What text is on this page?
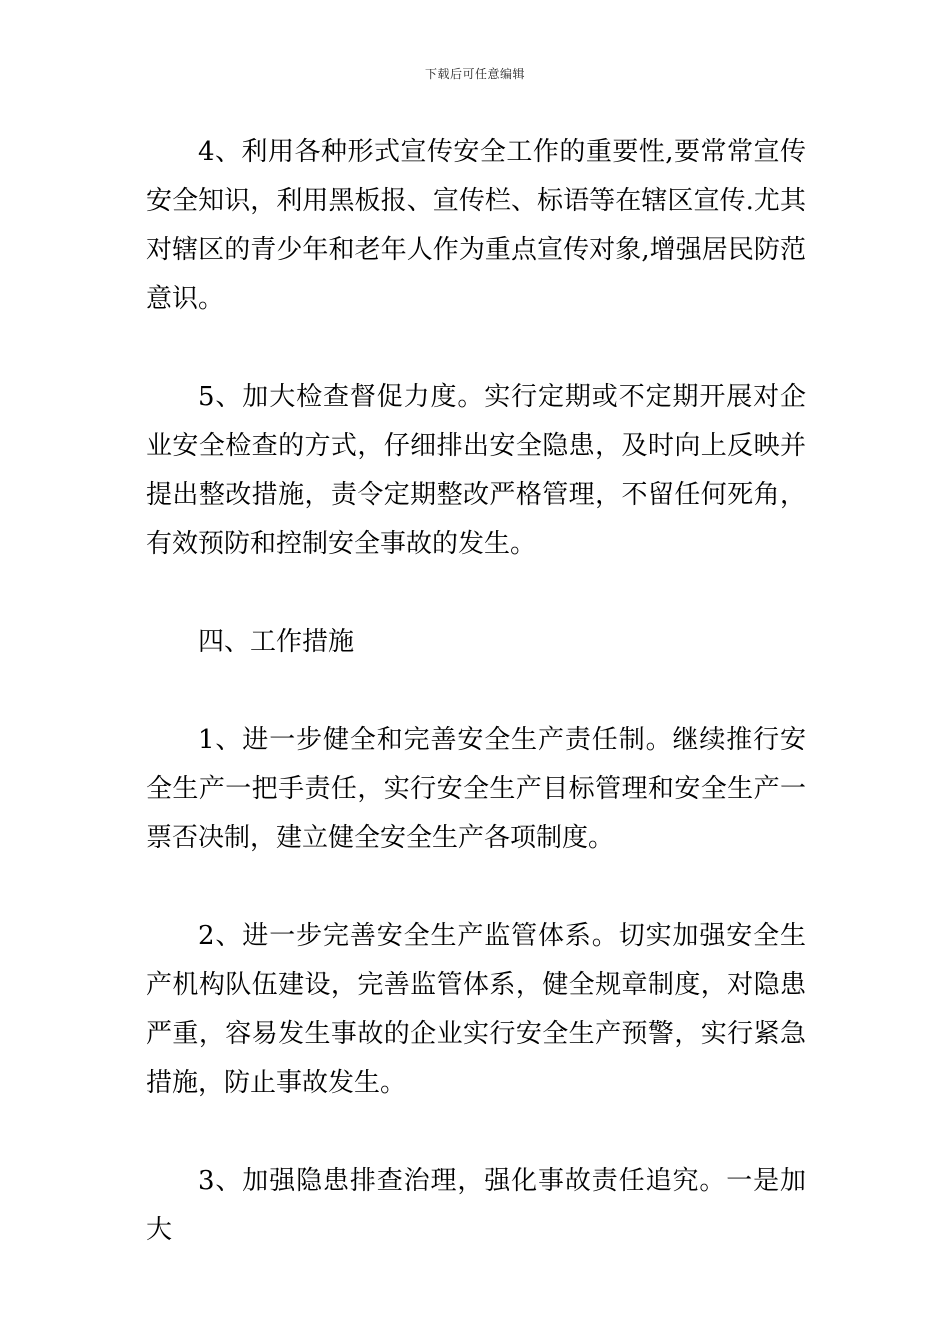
下载后可任意编辑

4、利用各种形式宣传安全工作的重要性,要常常宣传安全知识，利用黑板报、宣传栏、标语等在辖区宣传.尤其对辖区的青少年和老年人作为重点宣传对象,增强居民防范意识。

5、加大检查督促力度。实行定期或不定期开展对企业安全检查的方式，仔细排出安全隐患，及时向上反映并提出整改措施，责令定期整改严格管理，不留任何死角，有效预防和控制安全事故的发生。

四、工作措施

1、进一步健全和完善安全生产责任制。继续推行安全生产一把手责任，实行安全生产目标管理和安全生产一票否决制，建立健全安全生产各项制度。

2、进一步完善安全生产监管体系。切实加强安全生产机构队伍建设，完善监管体系，健全规章制度，对隐患严重，容易发生事故的企业实行安全生产预警，实行紧急措施，防止事故发生。

3、加强隐患排查治理，强化事故责任追究。一是加大
